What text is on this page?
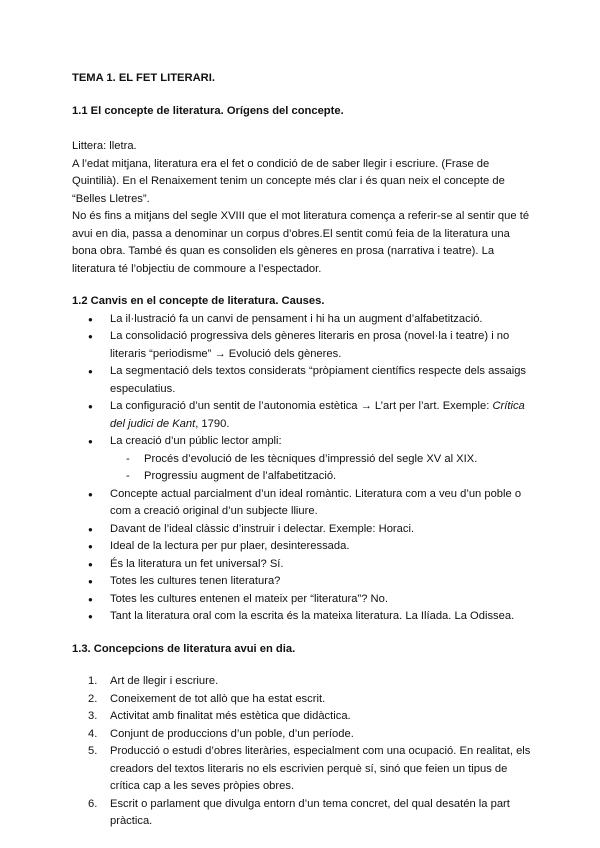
TEMA 1. EL FET LITERARI.
1.1 El concepte de literatura. Orígens del concepte.

Littera: lletra.

A l’edat mitjana, literatura era el fet o condició de de saber llegir i escriure. (Frase de Quintilià). En el Renaixement tenim un concepte més clar i és quan neix el concepte de “Belles Lletres”.

No és fins a mitjans del segle XVIII que el mot literatura comença a referir-se al sentir que té avui en dia, passa a denominar un corpus d’obres.El sentit comú feia de la literatura una bona obra. També és quan es consoliden els gèneres en prosa (narrativa i teatre). La literatura té l’objectiu de commoure a l’espectador.

1.2 Canvis en el concepte de literatura. Causes.
● La il·lustració fa un canvi de pensament i hi ha un augment d’alfabetització.
● La consolidació progressiva dels gèneres literaris en prosa (novel·la i teatre) i no literaris “periodisme” → Evolució dels gèneres.
● La segmentació dels textos considerats “pròpiament científics respecte dels assaigs especulatius.
● La configuració d’un sentit de l’autonomia estètica → L’art per l’art. Exemple: Crítica del judici de Kant, 1790.
● La creació d’un públic lector ampli:
- Procés d’evolució de les tècniques d’impressió del segle XV al XIX.
- Progressiu augment de l’alfabetització.
● Concepte actual parcialment d’un ideal romàntic. Literatura com a veu d’un poble o com a creació original d’un subjecte lliure.
● Davant de l’ideal clàssic d’instruir i delectar. Exemple: Horaci.
● Ideal de la lectura per pur plaer, desinteressada.
● És la literatura un fet universal? Sí.
● Totes les cultures tenen literatura?
● Totes les cultures entenen el mateix per “literatura”? No.
● Tant la literatura oral com la escrita és la mateixa literatura. La Ilíada. La Odissea.
1.3. Concepcions de literatura avui en dia.
1. Art de llegir i escriure.
2. Coneixement de tot allò que ha estat escrit.
3. Activitat amb finalitat més estètica que didàctica.
4. Conjunt de produccions d’un poble, d’un període.
5. Producció o estudi d’obres literàries, especialment com una ocupació. En realitat, els creadors del textos literaris no els escrivien perquè sí, sinó que feien un tipus de crítica cap a les seves pròpies obres.
6. Escrit o parlament que divulga entorn d’un tema concret, del qual desatén la part pràctica.
